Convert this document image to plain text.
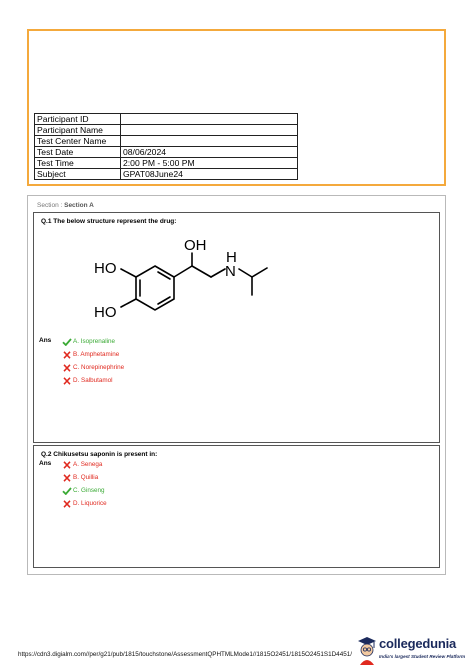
Participant ID	
Participant Name	
Test Center Name	
Test Date	08/06/2024
Test Time	2:00 PM - 5:00 PM
Subject	GPAT08June24
Section : Section A
Q.1 The below structure represent the drug:
OH
H
N
HO
HO
Ans	A. Isoprenaline
B. Amphetamine
C. Norepinephrine
D. Salbutamol
Q.2 Chikusetsu saponin is present in:
Ans	A. Senega
B. Quillia
C. Ginseng
D. Liquorice
https://cdn3.digialm.com//per/g21/pub/1815/touchstone/AssessmentQPHTMLMode1//1815O2451/1815O2451S1D4451/
collegedunia
India's largest Student Review Platform
